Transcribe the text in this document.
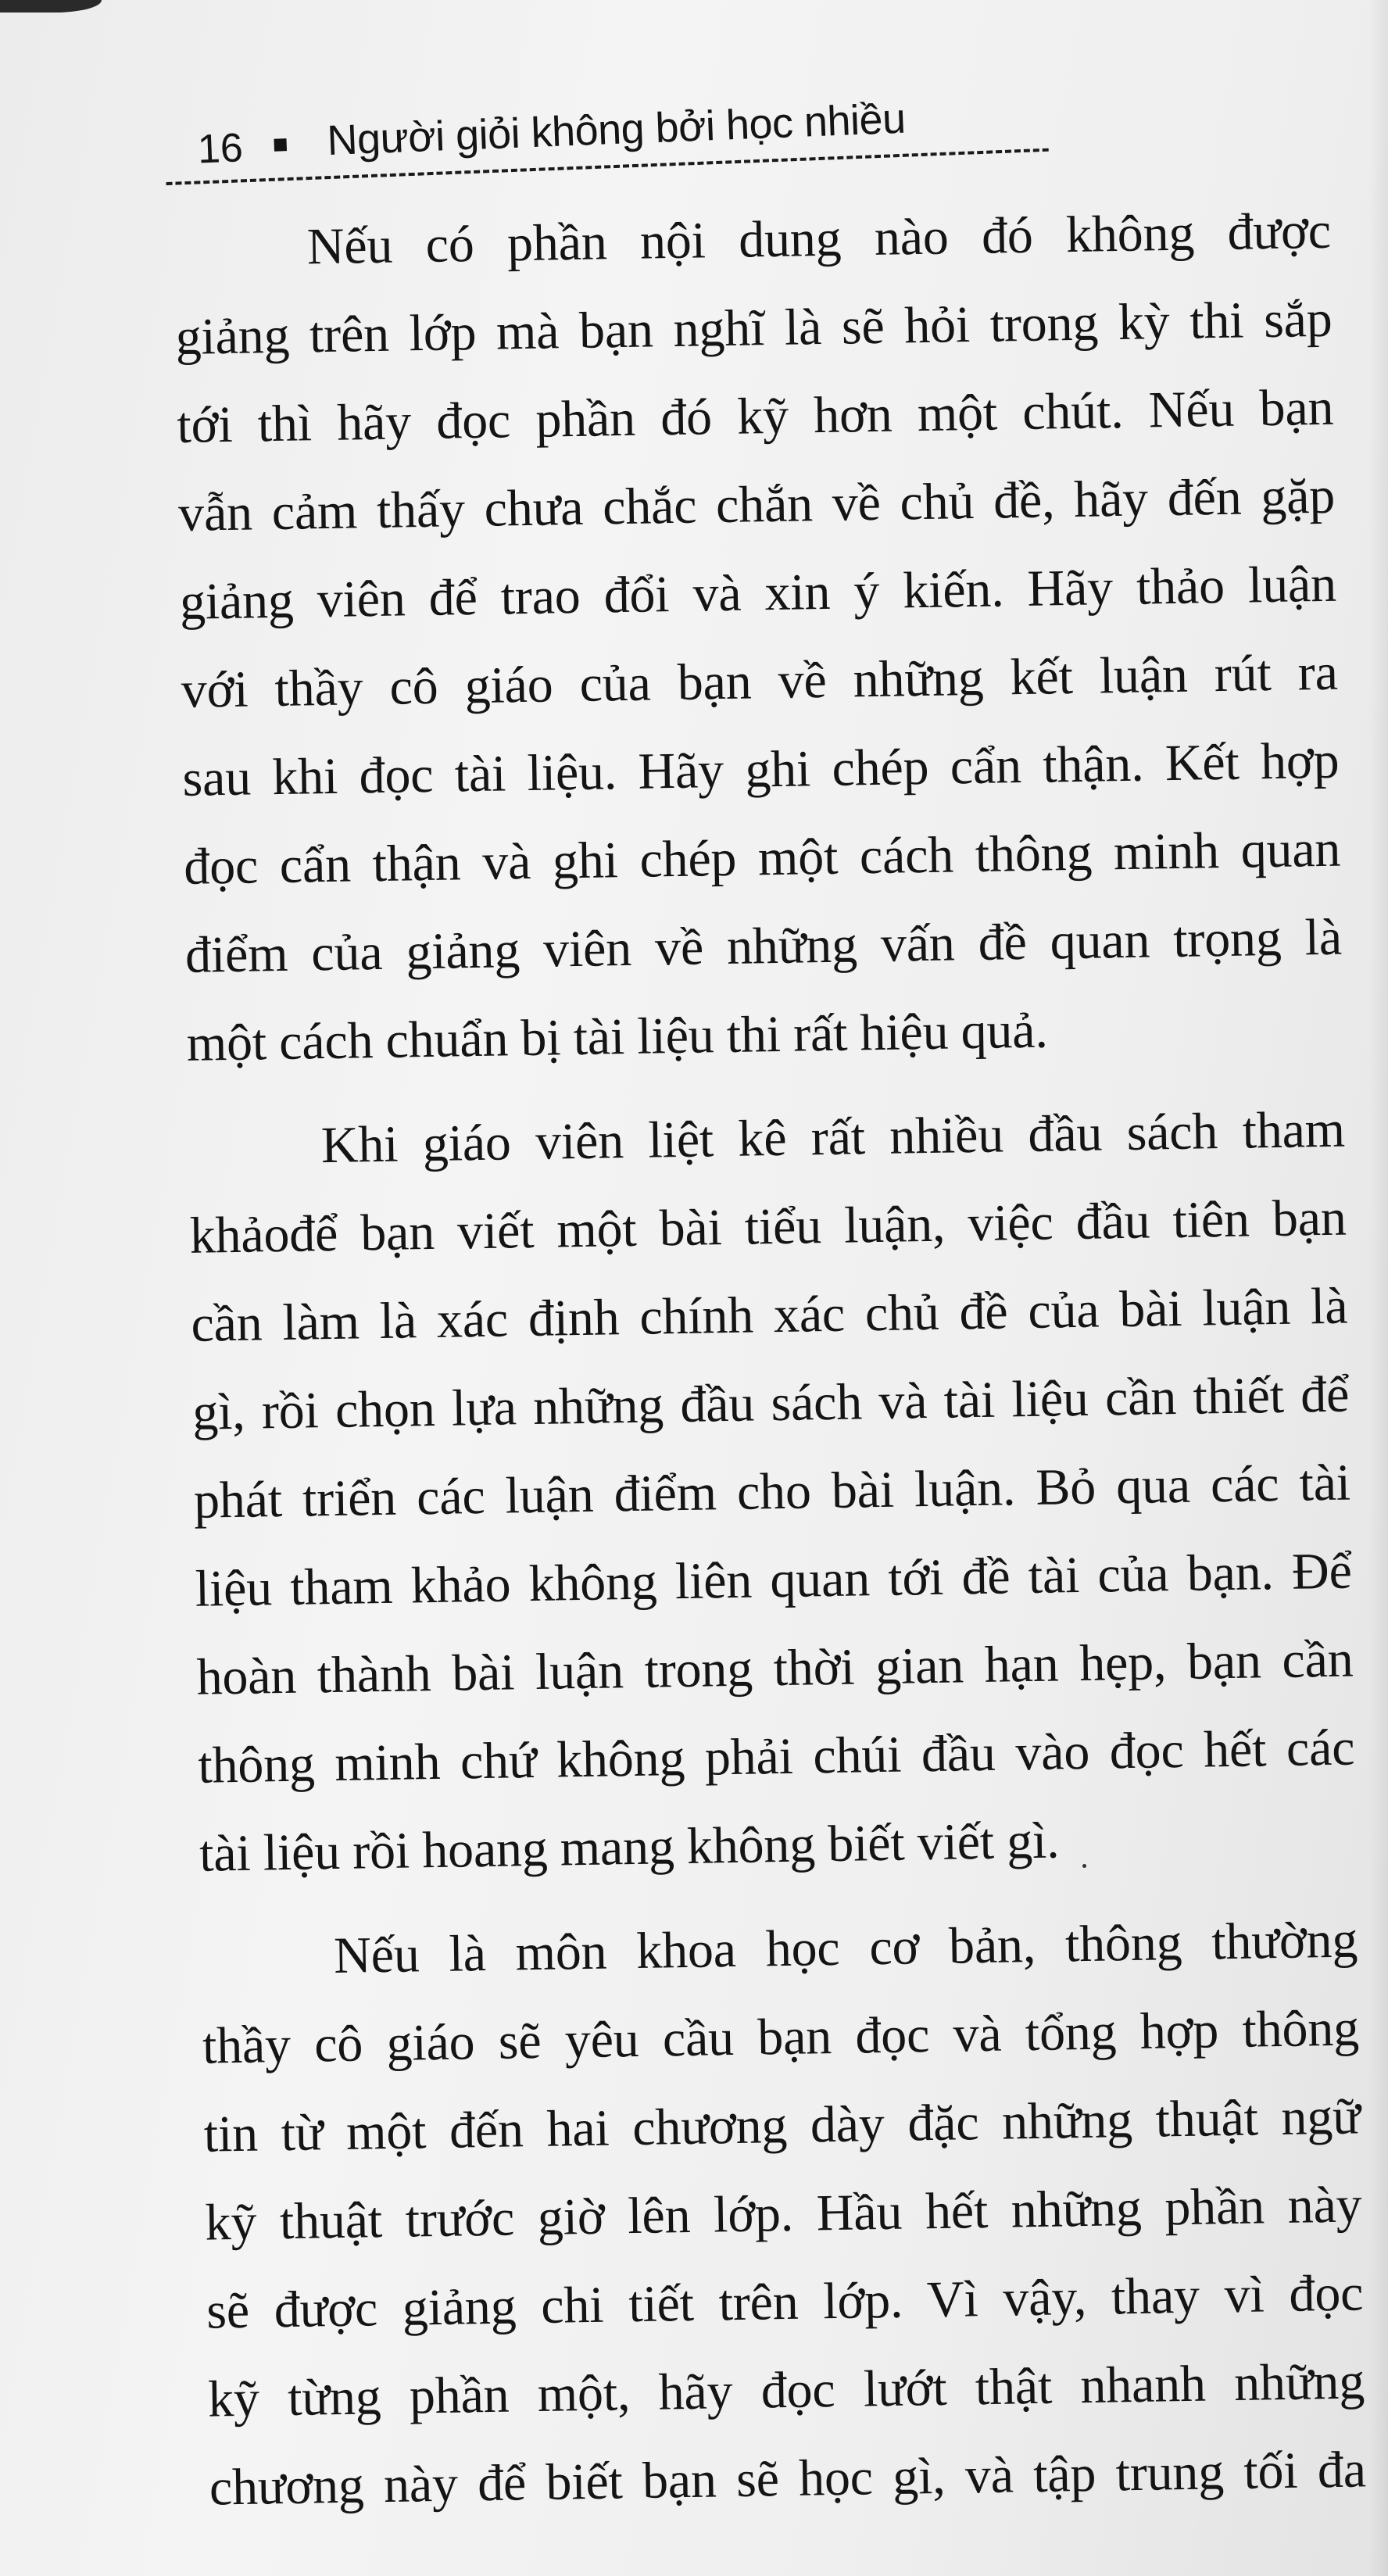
16 Người giỏi không bởi học nhiều

Nếu có phần nội dung nào đó không được
giảng trên lớp mà bạn nghĩ là sẽ hỏi trong kỳ thi sắp
tới thì hãy đọc phần đó kỹ hơn một chút. Nếu bạn
vẫn cảm thấy chưa chắc chắn về chủ đề, hãy đến gặp
giảng viên để trao đổi và xin ý kiến. Hãy thảo luận
với thầy cô giáo của bạn về những kết luận rút ra
sau khi đọc tài liệu. Hãy ghi chép cẩn thận. Kết hợp
đọc cẩn thận và ghi chép một cách thông minh quan
điểm của giảng viên về những vấn đề quan trọng là
một cách chuẩn bị tài liệu thi rất hiệu quả.

Khi giáo viên liệt kê rất nhiều đầu sách tham
khảođể bạn viết một bài tiểu luận, việc đầu tiên bạn
cần làm là xác định chính xác chủ đề của bài luận là
gì, rồi chọn lựa những đầu sách và tài liệu cần thiết để
phát triển các luận điểm cho bài luận. Bỏ qua các tài
liệu tham khảo không liên quan tới đề tài của bạn. Để
hoàn thành bài luận trong thời gian hạn hẹp, bạn cần
thông minh chứ không phải chúi đầu vào đọc hết các
tài liệu rồi hoang mang không biết viết gì.

Nếu là môn khoa học cơ bản, thông thường
thầy cô giáo sẽ yêu cầu bạn đọc và tổng hợp thông
tin từ một đến hai chương dày đặc những thuật ngữ
kỹ thuật trước giờ lên lớp. Hầu hết những phần này
sẽ được giảng chi tiết trên lớp. Vì vậy, thay vì đọc
kỹ từng phần một, hãy đọc lướt thật nhanh những
chương này để biết bạn sẽ học gì, và tập trung tối đa
